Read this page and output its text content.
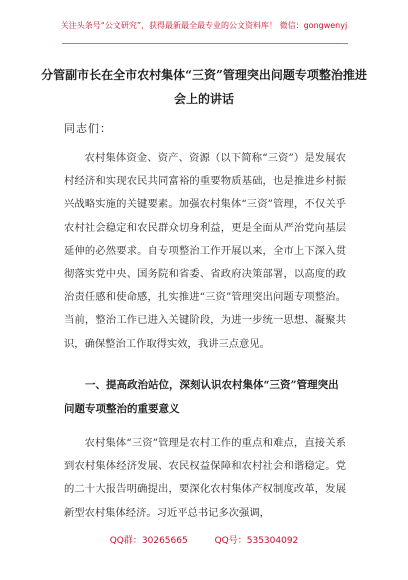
关注头条号“公文研究”，获得最新最全最专业的公文资料库！ 微信：gongwenyj
分管副市长在全市农村集体“三资”管理突出问题专项整治推进会上的讲话
同志们：

农村集体资金、资产、资源（以下简称“三资”）是发展农村经济和实现农民共同富裕的重要物质基础，也是推进乡村振兴战略实施的关键要素。加强农村集体“三资”管理，不仅关乎农村社会稳定和农民群众切身利益，更是全面从严治党向基层延伸的必然要求。自专项整治工作开展以来，全市上下深入贯彻落实党中央、国务院和省委、省政府决策部署，以高度的政治责任感和使命感，扎实推进“三资”管理突出问题专项整治。当前，整治工作已进入关键阶段，为进一步统一思想、凝聚共识，确保整治工作取得实效，我讲三点意见。

一、提高政治站位，深刻认识农村集体“三资”管理突出问题专项整治的重要意义

农村集体“三资”管理是农村工作的重点和难点，直接关系到农村集体经济发展、农民权益保障和农村社会和谐稳定。党的二十大报告明确提出，要深化农村集体产权制度改革，发展新型农村集体经济。习近平总书记多次强调，

QQ群：30265665	QQ号：535304092
